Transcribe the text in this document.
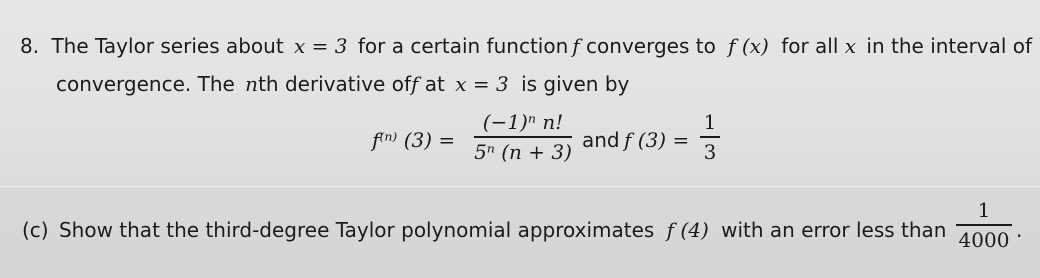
8. The Taylor series about x = 3 for a certain function f converges to f (x) for all x in the interval of
convergence. The nth derivative off at x = 3 is given by
f⁽ⁿ⁾ (3) =
(−1)ⁿ n!
5ⁿ (n + 3) and f (3) =
1
3
(c) Show that the third-degree Taylor polynomial approximates f (4) with an error less than
1
4000 .
